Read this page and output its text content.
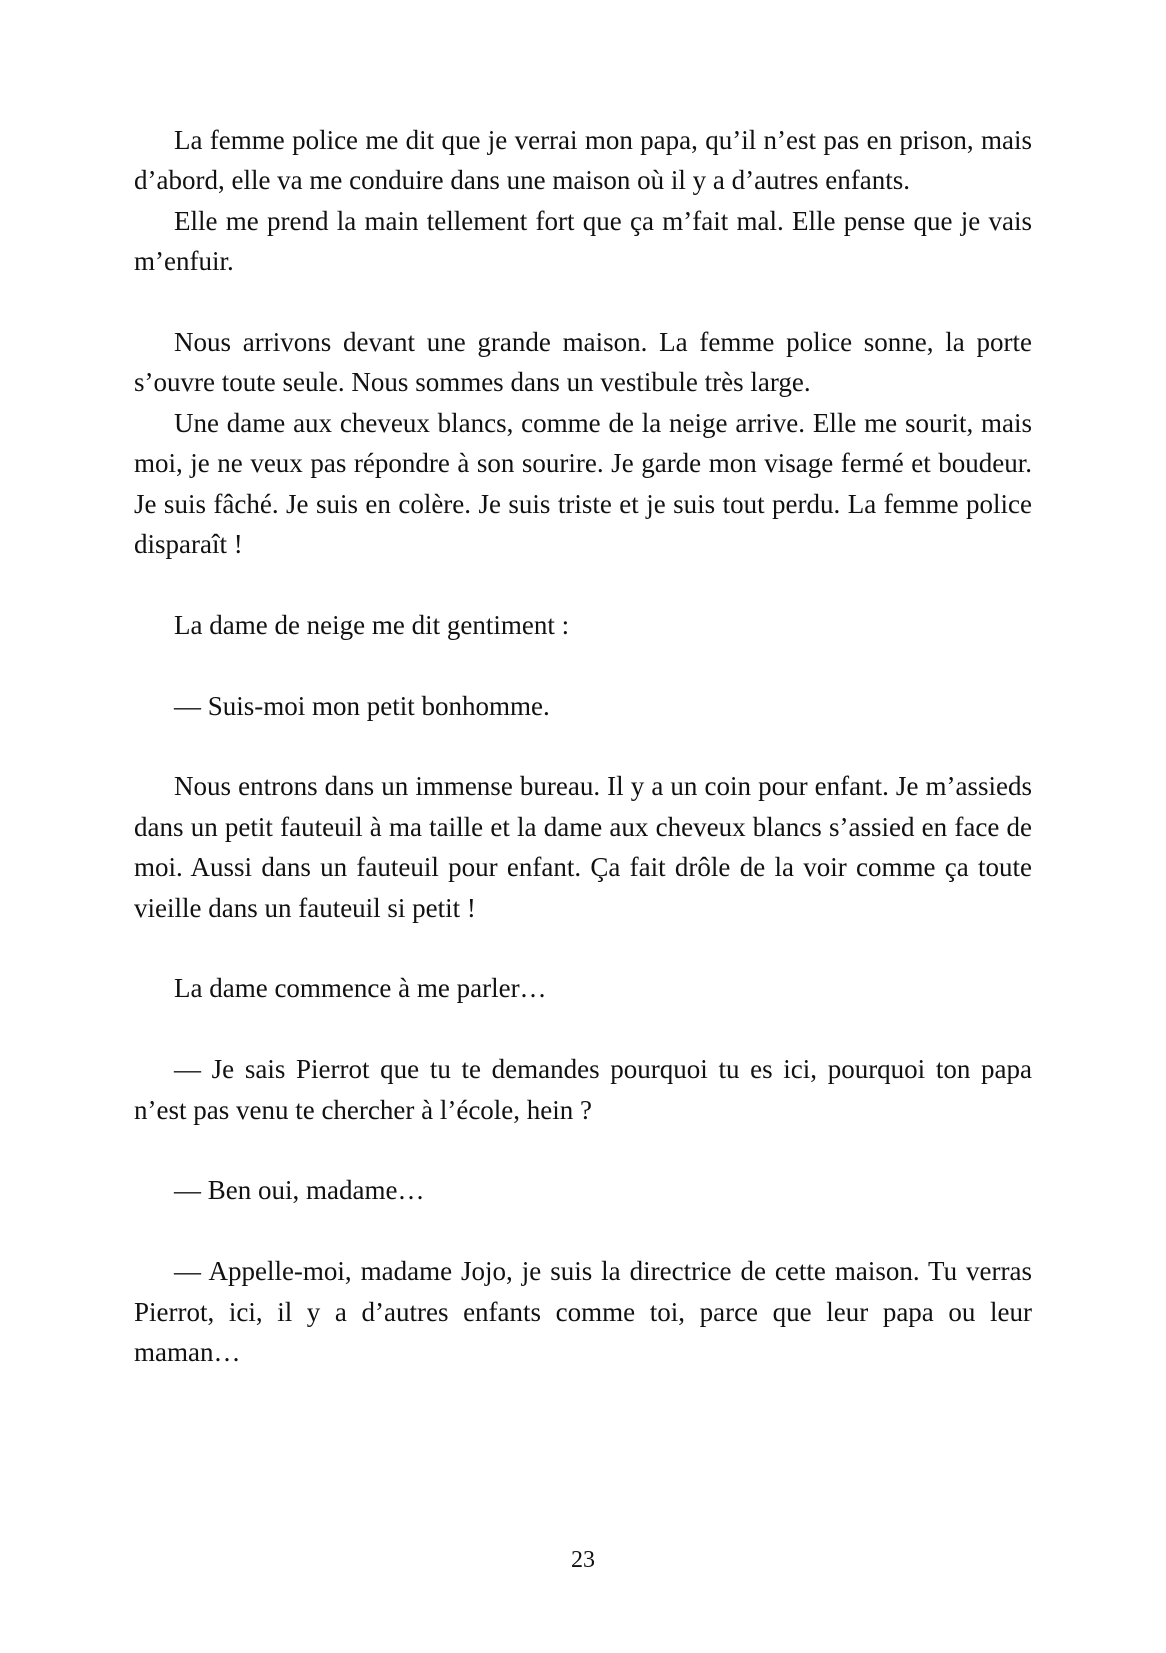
La femme police me dit que je verrai mon papa, qu’il n’est pas en prison, mais d’abord, elle va me conduire dans une maison où il y a d’autres enfants.

Elle me prend la main tellement fort que ça m’fait mal. Elle pense que je vais m’enfuir.

Nous arrivons devant une grande maison. La femme police sonne, la porte s’ouvre toute seule. Nous sommes dans un vestibule très large.

Une dame aux cheveux blancs, comme de la neige arrive. Elle me sourit, mais moi, je ne veux pas répondre à son sourire. Je garde mon visage fermé et boudeur. Je suis fâché. Je suis en colère. Je suis triste et je suis tout perdu. La femme police disparaît !

La dame de neige me dit gentiment :

— Suis-moi mon petit bonhomme.

Nous entrons dans un immense bureau. Il y a un coin pour enfant. Je m’assieds dans un petit fauteuil à ma taille et la dame aux cheveux blancs s’assied en face de moi. Aussi dans un fauteuil pour enfant. Ça fait drôle de la voir comme ça toute vieille dans un fauteuil si petit !

La dame commence à me parler…

— Je sais Pierrot que tu te demandes pourquoi tu es ici, pourquoi ton papa n’est pas venu te chercher à l’école, hein ?

— Ben oui, madame…

— Appelle-moi, madame Jojo, je suis la directrice de cette maison. Tu verras Pierrot, ici, il y a d’autres enfants comme toi, parce que leur papa ou leur maman…

23
